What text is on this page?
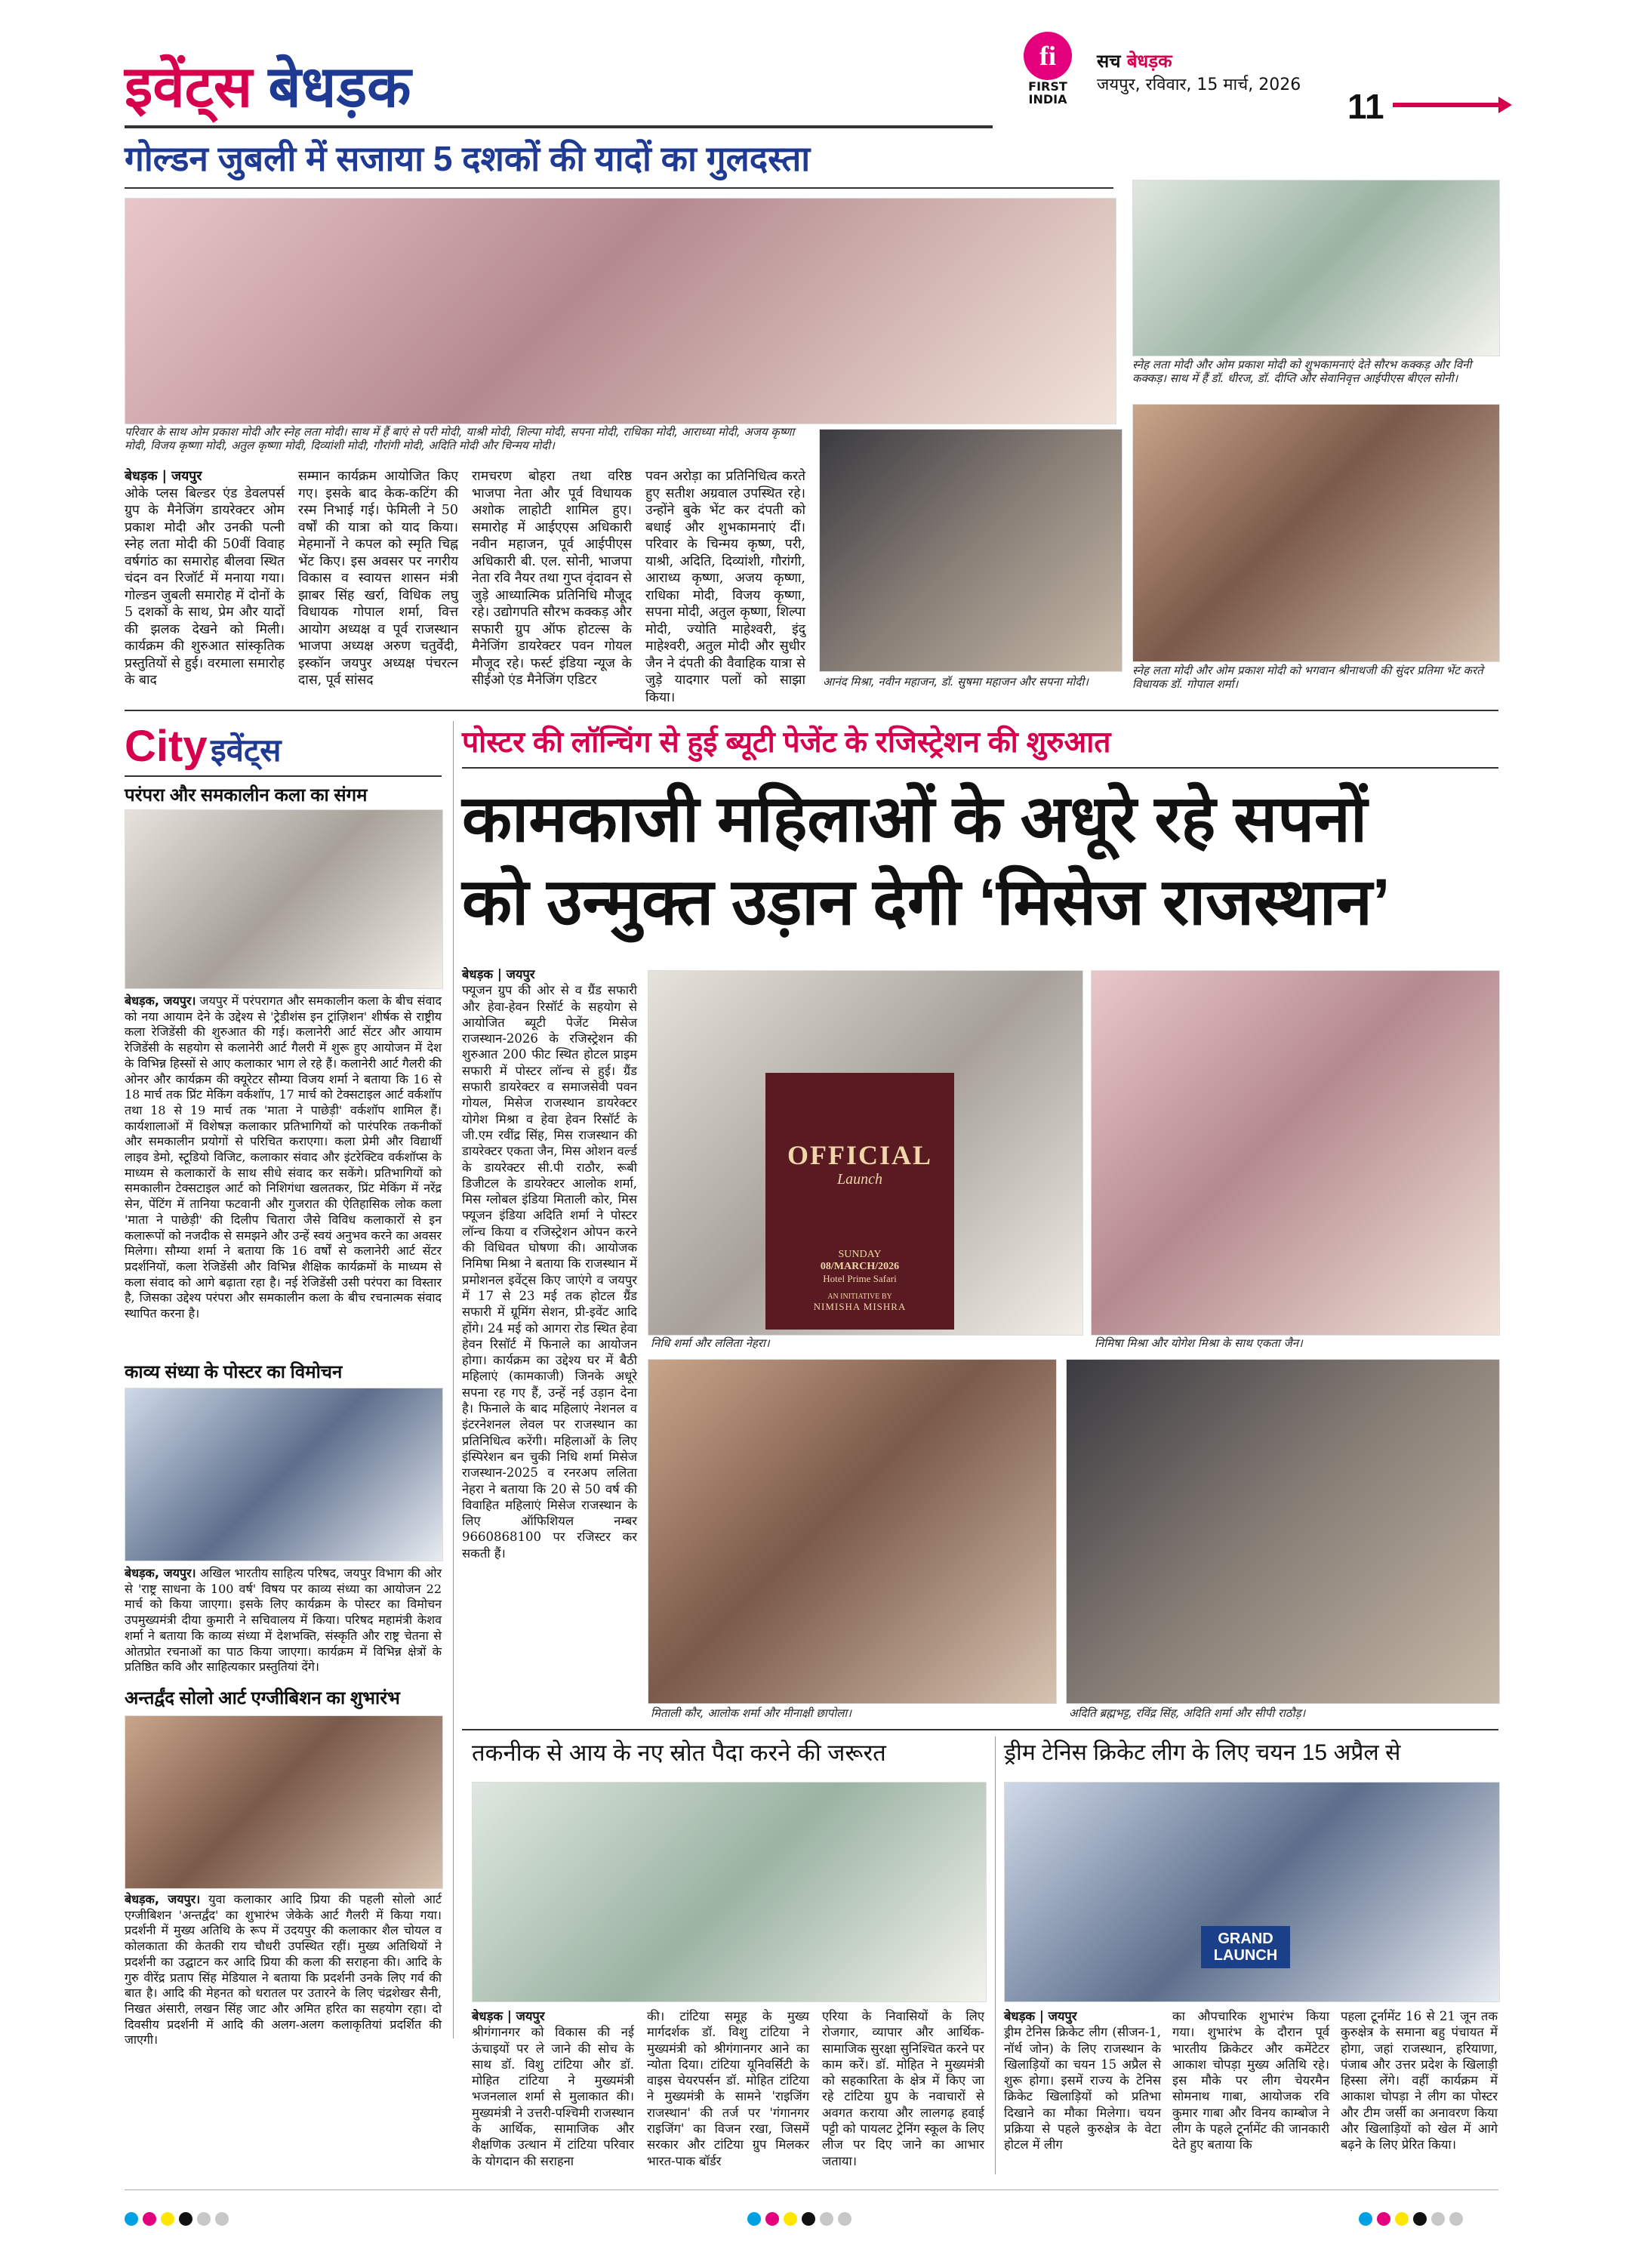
इवेंट्स बेधड़क	fi
FIRST
INDIA
सच बेधड़क
जयपुर, रविवार, 15 मार्च, 2026
11
गोल्डन जुबली में सजाया 5 दशकों की यादों का गुलदस्ता
परिवार के साथ ओम प्रकाश मोदी और स्नेह लता मोदी। साथ में हैं बाएं से परी मोदी, याश्री मोदी, शिल्पा मोदी, सपना मोदी, राधिका मोदी, आराध्या मोदी, अजय कृष्णा मोदी, विजय कृष्णा मोदी, अतुल कृष्णा मोदी, दिव्यांशी मोदी, गौरांगी मोदी, अदिति मोदी और चिन्मय मोदी।
स्नेह लता मोदी और ओम प्रकाश मोदी को शुभकामनाएं देते सौरभ कक्कड़ और विनी कक्कड़। साथ में हैं डॉ. धीरज, डॉ. दीप्ति और सेवानिवृत्त आईपीएस बीएल सोनी।
आनंद मिश्रा, नवीन महाजन, डॉ. सुषमा महाजन और सपना मोदी।
स्नेह लता मोदी और ओम प्रकाश मोदी को भगवान श्रीनाथजी की सुंदर प्रतिमा भेंट करते विधायक डॉ. गोपाल शर्मा।
बेधड़क | जयपुर
ओके प्लस बिल्डर एंड डेवलपर्स ग्रुप के मैनेजिंग डायरेक्टर ओम प्रकाश मोदी और उनकी पत्नी स्नेह लता मोदी की 50वीं विवाह वर्षगांठ का समारोह बीलवा स्थित चंदन वन रिजॉर्ट में मनाया गया। गोल्डन जुबली समारोह में दोनों के 5 दशकों के साथ, प्रेम और यादों की झलक देखने को मिली। कार्यक्रम की शुरुआत सांस्कृतिक प्रस्तुतियों से हुई। वरमाला समारोह के बाद
सम्मान कार्यक्रम आयोजित किए गए। इसके बाद केक-कटिंग की रस्म निभाई गई। फेमिली ने 50 वर्षों की यात्रा को याद किया। मेहमानों ने कपल को स्मृति चिह्न भेंट किए। इस अवसर पर नगरीय विकास व स्वायत्त शासन मंत्री झाबर सिंह खर्रा, विधिक लघु विधायक गोपाल शर्मा, वित्त आयोग अध्यक्ष व पूर्व राजस्थान भाजपा अध्यक्ष अरुण चतुर्वेदी, इस्कॉन जयपुर अध्यक्ष पंचरत्न दास, पूर्व सांसद
रामचरण बोहरा तथा वरिष्ठ भाजपा नेता और पूर्व विधायक अशोक लाहोटी शामिल हुए। समारोह में आईएएस अधिकारी नवीन महाजन, पूर्व आईपीएस अधिकारी बी. एल. सोनी, भाजपा नेता रवि नैयर तथा गुप्त वृंदावन से जुड़े आध्यात्मिक प्रतिनिधि मौजूद रहे। उद्योगपति सौरभ कक्कड़ और सफारी ग्रुप ऑफ होटल्स के मैनेजिंग डायरेक्टर पवन गोयल मौजूद रहे। फर्स्ट इंडिया न्यूज के सीईओ एंड मैनेजिंग एडिटर
पवन अरोड़ा का प्रतिनिधित्व करते हुए सतीश अग्रवाल उपस्थित रहे। उन्होंने बुके भेंट कर दंपती को बधाई और शुभकामनाएं दीं। परिवार के चिन्मय कृष्ण, परी, याश्री, अदिति, दिव्यांशी, गौरांगी, आराध्य कृष्णा, अजय कृष्णा, राधिका मोदी, विजय कृष्णा, सपना मोदी, अतुल कृष्णा, शिल्पा मोदी, ज्योति माहेश्वरी, इंदु माहेश्वरी, अतुल मोदी और सुधीर जैन ने दंपती की वैवाहिक यात्रा से जुड़े यादगार पलों को साझा किया।
City इवेंट्स
परंपरा और समकालीन कला का संगम
बेधड़क, जयपुर। जयपुर में परंपरागत और समकालीन कला के बीच संवाद को नया आयाम देने के उद्देश्य से 'ट्रेडीशंस इन ट्रांज़िशन' शीर्षक से राष्ट्रीय कला रेजिडेंसी की शुरुआत की गई। कलानेरी आर्ट सेंटर और आयाम रेजिडेंसी के सहयोग से कलानेरी आर्ट गैलरी में शुरू हुए आयोजन में देश के विभिन्न हिस्सों से आए कलाकार भाग ले रहे हैं। कलानेरी आर्ट गैलरी की ओनर और कार्यक्रम की क्यूरेटर सौम्या विजय शर्मा ने बताया कि 16 से 18 मार्च तक प्रिंट मेकिंग वर्कशॉप, 17 मार्च को टेक्सटाइल आर्ट वर्कशॉप तथा 18 से 19 मार्च तक 'माता ने पाछेड़ी' वर्कशॉप शामिल हैं। कार्यशालाओं में विशेषज्ञ कलाकार प्रतिभागियों को पारंपरिक तकनीकों और समकालीन प्रयोगों से परिचित कराएगा। कला प्रेमी और विद्यार्थी लाइव डेमो, स्टूडियो विजिट, कलाकार संवाद और इंटरेक्टिव वर्कशॉप्स के माध्यम से कलाकारों के साथ सीधे संवाद कर सकेंगे। प्रतिभागियों को समकालीन टेक्सटाइल आर्ट को निशिगंधा खलतकर, प्रिंट मेकिंग में नरेंद्र सेन, पेंटिंग में तानिया फटवानी और गुजरात की ऐतिहासिक लोक कला 'माता ने पाछेड़ी' की दिलीप चितारा जैसे विविध कलाकारों से इन कलारूपों को नजदीक से समझने और उन्हें स्वयं अनुभव करने का अवसर मिलेगा। सौम्या शर्मा ने बताया कि 16 वर्षों से कलानेरी आर्ट सेंटर प्रदर्शनियों, कला रेजिडेंसी और विभिन्न शैक्षिक कार्यक्रमों के माध्यम से कला संवाद को आगे बढ़ाता रहा है। नई रेजिडेंसी उसी परंपरा का विस्तार है, जिसका उद्देश्य परंपरा और समकालीन कला के बीच रचनात्मक संवाद स्थापित करना है।
काव्य संध्या के पोस्टर का विमोचन
बेधड़क, जयपुर। अखिल भारतीय साहित्य परिषद, जयपुर विभाग की ओर से 'राष्ट्र साधना के 100 वर्ष' विषय पर काव्य संध्या का आयोजन 22 मार्च को किया जाएगा। इसके लिए कार्यक्रम के पोस्टर का विमोचन उपमुख्यमंत्री दीया कुमारी ने सचिवालय में किया। परिषद महामंत्री केशव शर्मा ने बताया कि काव्य संध्या में देशभक्ति, संस्कृति और राष्ट्र चेतना से ओतप्रोत रचनाओं का पाठ किया जाएगा। कार्यक्रम में विभिन्न क्षेत्रों के प्रतिष्ठित कवि और साहित्यकार प्रस्तुतियां देंगे।
अन्तर्द्वंद सोलो आर्ट एग्जीबिशन का शुभारंभ
बेधड़क, जयपुर। युवा कलाकार आदि प्रिया की पहली सोलो आर्ट एग्जीबिशन 'अन्तर्द्वंद' का शुभारंभ जेकेके आर्ट गैलरी में किया गया। प्रदर्शनी में मुख्य अतिथि के रूप में उदयपुर की कलाकार शैल चोयल व कोलकाता की केतकी राय चौधरी उपस्थित रहीं। मुख्य अतिथियों ने प्रदर्शनी का उद्घाटन कर आदि प्रिया की कला की सराहना की। आदि के गुरु वीरेंद्र प्रताप सिंह मेडियाल ने बताया कि प्रदर्शनी उनके लिए गर्व की बात है। आदि की मेहनत को धरातल पर उतारने के लिए चंद्रशेखर सैनी, निखत अंसारी, लखन सिंह जाट और अमित हरित का सहयोग रहा। दो दिवसीय प्रदर्शनी में आदि की अलग-अलग कलाकृतियां प्रदर्शित की जाएगी।
पोस्टर की लॉन्चिंग से हुई ब्यूटी पेजेंट के रजिस्ट्रेशन की शुरुआत
कामकाजी महिलाओं के अधूरे रहे सपनों
को उन्मुक्त उड़ान देगी ‘मिसेज राजस्थान’
बेधड़क | जयपुर
फ्यूजन ग्रुप की ओर से व ग्रैंड सफारी और हेवा-हेवन रिसॉर्ट के सहयोग से आयोजित ब्यूटी पेजेंट मिसेज राजस्थान-2026 के रजिस्ट्रेशन की शुरुआत 200 फीट स्थित होटल प्राइम सफारी में पोस्टर लॉन्च से हुई। ग्रैंड सफारी डायरेक्टर व समाजसेवी पवन गोयल, मिसेज राजस्थान डायरेक्टर योगेश मिश्रा व हेवा हेवन रिसॉर्ट के जी.एम रवींद्र सिंह, मिस राजस्थान की डायरेक्टर एकता जैन, मिस ओशन वर्ल्ड के डायरेक्टर सी.पी राठौर, रूबी डिजीटल के डायरेक्टर आलोक शर्मा, मिस ग्लोबल इंडिया मिताली कोर, मिस फ्यूजन इंडिया अदिति शर्मा ने पोस्टर लॉन्च किया व रजिस्ट्रेशन ओपन करने की विधिवत घोषणा की। आयोजक निमिषा मिश्रा ने बताया कि राजस्थान में प्रमोशनल इवेंट्स किए जाएंगे व जयपुर में 17 से 23 मई तक होटल ग्रैंड सफारी में ग्रूमिंग सेशन, प्री-इवेंट आदि होंगे। 24 मई को आगरा रोड स्थित हेवा हेवन रिसॉर्ट में फिनाले का आयोजन होगा। कार्यक्रम का उद्देश्य घर में बैठी महिलाएं (कामकाजी) जिनके अधूरे सपना रह गए हैं, उन्हें नई उड़ान देना है। फिनाले के बाद महिलाएं नेशनल व इंटरनेशनल लेवल पर राजस्थान का प्रतिनिधित्व करेंगी। महिलाओं के लिए इंस्पिरेशन बन चुकी निधि शर्मा मिसेज राजस्थान-2025 व रनरअप ललिता नेहरा ने बताया कि 20 से 50 वर्ष की विवाहित महिलाएं मिसेज राजस्थान के लिए ऑफिशियल नम्बर 9660868100 पर रजिस्टर कर सकती हैं।
OFFICIAL
Launch
SUNDAY
08/MARCH/2026
Hotel Prime Safari
AN INITIATIVE BY
NIMISHA MISHRA
निधि शर्मा और ललिता नेहरा।	निमिषा मिश्रा और योगेश मिश्रा के साथ एकता जैन।
मिताली कौर, आलोक शर्मा और मीनाक्षी छापोला।	अदिति ब्रह्मभट्ट, रविंद्र सिंह, अदिति शर्मा और सीपी राठौड़।
तकनीक से आय के नए स्रोत पैदा करने की जरूरत
बेधड़क | जयपुर
श्रीगंगानगर को विकास की नई ऊंचाइयों पर ले जाने की सोच के साथ डॉ. विशु टांटिया और डॉ. मोहित टांटिया ने मुख्यमंत्री भजनलाल शर्मा से मुलाकात की। मुख्यमंत्री ने उत्तरी-पश्चिमी राजस्थान के आर्थिक, सामाजिक और शैक्षणिक उत्थान में टांटिया परिवार के योगदान की सराहना
की। टांटिया समूह के मुख्य मार्गदर्शक डॉ. विशु टांटिया ने मुख्यमंत्री को श्रीगंगानगर आने का न्योता दिया। टांटिया यूनिवर्सिटी के वाइस चेयरपर्सन डॉ. मोहित टांटिया ने मुख्यमंत्री के सामने 'राइजिंग राजस्थान' की तर्ज पर 'गंगानगर राइजिंग' का विजन रखा, जिसमें सरकार और टांटिया ग्रुप मिलकर भारत-पाक बॉर्डर
एरिया के निवासियों के लिए रोजगार, व्यापार और आर्थिक-सामाजिक सुरक्षा सुनिश्चित करने पर काम करें। डॉ. मोहित ने मुख्यमंत्री को सहकारिता के क्षेत्र में किए जा रहे टांटिया ग्रुप के नवाचारों से अवगत कराया और लालगढ़ हवाई पट्टी को पायलट ट्रेनिंग स्कूल के लिए लीज पर दिए जाने का आभार जताया।
ड्रीम टेनिस क्रिकेट लीग के लिए चयन 15 अप्रैल से
GRAND LAUNCH
बेधड़क | जयपुर
ड्रीम टेनिस क्रिकेट लीग (सीजन-1, नॉर्थ जोन) के लिए राजस्थान के खिलाड़ियों का चयन 15 अप्रैल से शुरू होगा। इसमें राज्य के टेनिस क्रिकेट खिलाड़ियों को प्रतिभा दिखाने का मौका मिलेगा। चयन प्रक्रिया से पहले कुरुक्षेत्र के वेटा होटल में लीग
का औपचारिक शुभारंभ किया गया। शुभारंभ के दौरान पूर्व भारतीय क्रिकेटर और कमेंटेटर आकाश चोपड़ा मुख्य अतिथि रहे। इस मौके पर लीग चेयरमैन सोमनाथ गाबा, आयोजक रवि कुमार गाबा और विनय काम्बोज ने लीग के पहले टूर्नामेंट की जानकारी देते हुए बताया कि
पहला टूर्नामेंट 16 से 21 जून तक कुरुक्षेत्र के समाना बहु पंचायत में होगा, जहां राजस्थान, हरियाणा, पंजाब और उत्तर प्रदेश के खिलाड़ी हिस्सा लेंगे। वहीं कार्यक्रम में आकाश चोपड़ा ने लीग का पोस्टर और टीम जर्सी का अनावरण किया और खिलाड़ियों को खेल में आगे बढ़ने के लिए प्रेरित किया।
